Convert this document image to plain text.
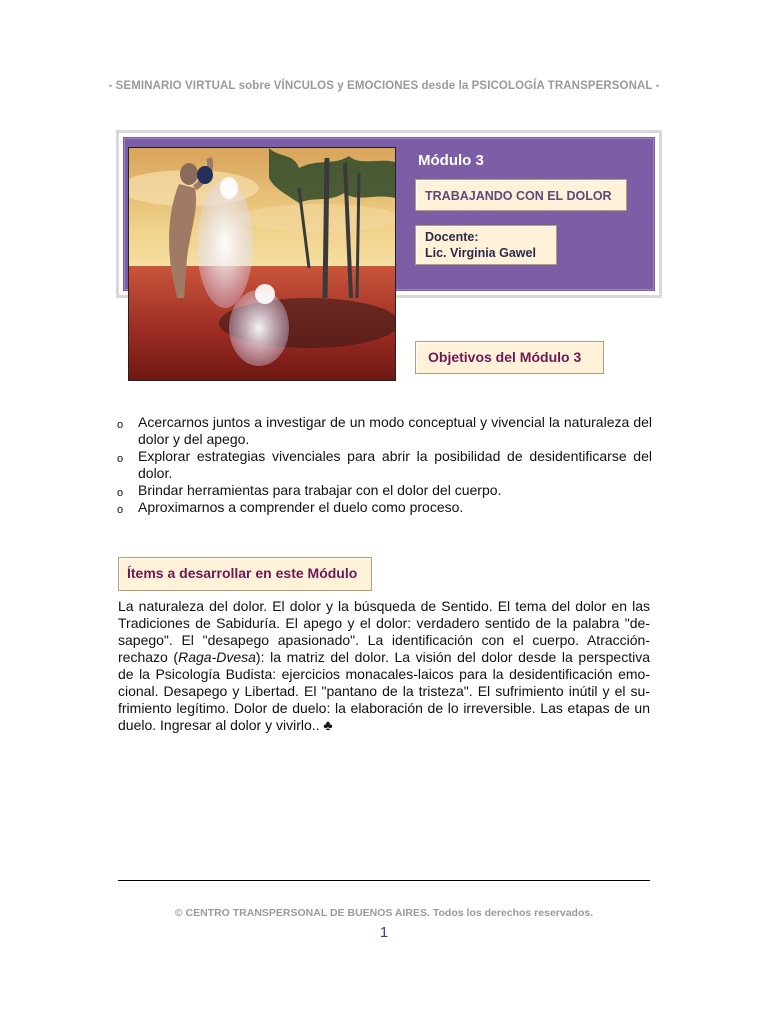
- SEMINARIO VIRTUAL sobre VÍNCULOS y EMOCIONES desde la PSICOLOGÍA TRANSPERSONAL -
Módulo 3
TRABAJANDO CON EL DOLOR
Docente:
Lic. Virginia Gawel
Objetivos del Módulo 3
o Acercarnos juntos a investigar de un modo conceptual y vivencial la naturaleza del dolor y del apego.
o Explorar estrategias vivenciales para abrir la posibilidad de desidentificarse del dolor.
o Brindar herramientas para trabajar con el dolor del cuerpo.
o Aproximarnos a comprender el duelo como proceso.
Ítems a desarrollar en este Módulo
La naturaleza del dolor. El dolor y la búsqueda de Sentido. El tema del dolor en las
Tradiciones de Sabiduría. El apego y el dolor: verdadero sentido de la palabra "de-
sapego". El "desapego apasionado". La identificación con el cuerpo. Atracción-
rechazo (Raga-Dvesa): la matriz del dolor. La visión del dolor desde la perspectiva
de la Psicología Budista: ejercicios monacales-laicos para la desidentificación emo-
cional. Desapego y Libertad. El "pantano de la tristeza". El sufrimiento inútil y el su-
frimiento legítimo. Dolor de duelo: la elaboración de lo irreversible. Las etapas de un
duelo. Ingresar al dolor y vivirlo.. ♣
© CENTRO TRANSPERSONAL DE BUENOS AIRES. Todos los derechos reservados.
1
